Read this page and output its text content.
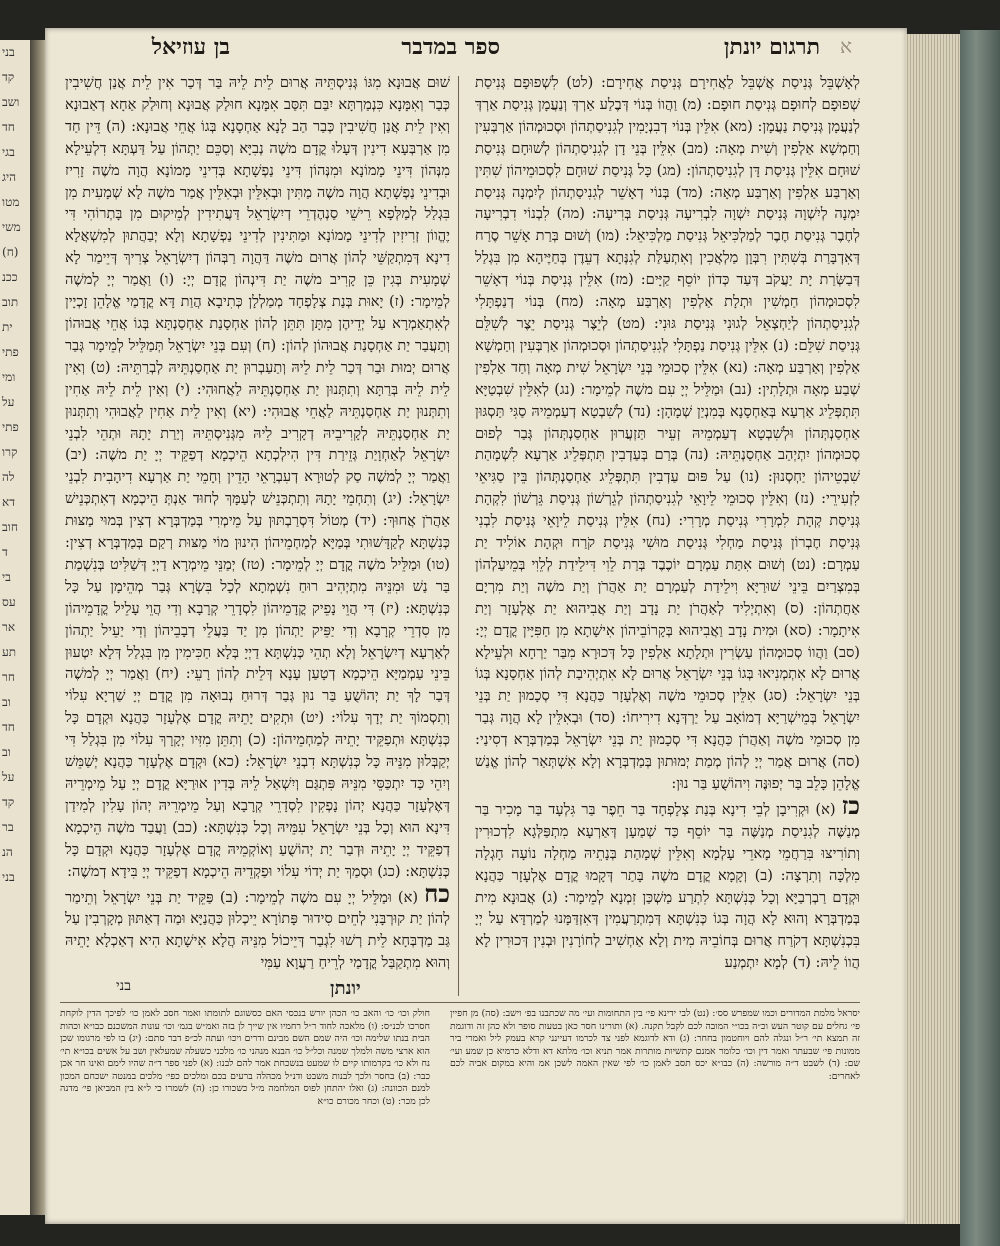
בני
קד
ושב
חד
בגי
היג
מטו
משי
(ח)
ככנ
תוב
ית
פתי
ומי
על
פתי
קרו
לה
דא
חוב
ד
בי
עס
אר
תע
חר
וב
חד
וב
על
קד
בר
הנ
בני
תרגום יונתן
ספר במדבר
בן עוזיאל	א

לְאָשְׁבֵּל גְּנִיסַת אֲשְׁבֵּל לַאֲחִירָם גְּנִיסַת אֲחִירָם: (לט) לִשְׁפוּפָם גְּנִיסַת שְׁפוּפָם לְחוּפָם גְּנִיסַת חוּפָם: (מ) וַהֲווֹ בְּנוֹי דְּבֶלַע אַרְדְּ וְנַעֲמָן גְּנִיסַת אַרְדְּ לְנַעֲמָן גְּנִיסַת נַעֲמָן: (מא) אִלֵּין בְּנוֹי דְבִנְיָמִין לְגִנִיסַתְהוֹן וּסְכוּמְהוֹן אַרְבְּעִין וְחַמְשָׁא אַלְפִין וְשִׁית מְאָה: (מב) אִלֵּין בְּנֵי דָן לְגִנִיסַתְהוֹן לְשׁוּחָם גְּנִיסַת שׁוּחָם אִלֵּין גְּנִיסַת דָּן לְגִנִיסַתְהוֹן: (מג) כָּל גְּנִיסַת שׁוּחָם לִסְכוּמֵיהוֹן שִׁתִּין וְאַרְבַּע אַלְפִין וְאַרְבַּע מְאָה: (מד) בְּנוֹי דְאָשֵׁר לְגִנִיסַתְהוֹן לְיִמְנָה גְּנִיסַת יִמְנָה לְיִשְׁוָה גְּנִיסַת יִשְׁוָה לִבְרִיעָה גְּנִיסַת בְּרִיעָה: (מה) לִבְנוֹי דִבְרִיעָה לְחֶבֶר גְּנִיסַת חֶבֶר לְמַלְכִּיאֵל גְּנִיסַת מַלְכִּיאֵל: (מו) וְשׁוּם בְּרַת אָשֵׁר סֶרַח דְּאִדְבָּרַת בְּשִׁתִּין רִבְּוָן מַלְאֲכִין וְאִתְעַלַּת לְגִנְּתָא דְעֵדֶן בְּחַיֶּיהָא מִן בִּגְלַל דְּבַשְּׂרַת יָת יַעֲקֹב דְּעַד כְּדוֹן יוֹסֵף קַיָּים: (מז) אִלֵּין גְּנִיסַת בְּנוֹי דְאָשֵׁר לִסְכוּמְהוֹן חַמְשִׁין וּתְלָת אַלְפִין וְאַרְבַּע מְאָה: (מח) בְּנוֹי דְנַפְתָּלִי לְגִנִיסַתְהוֹן לְיַחְצְאֵל לְגוּנִי גְּנִיסַת גּוּנִי: (מט) לְיֵצֶר גְּנִיסַת יֵצֶר לְשִׁלֵּם גְּנִיסַת שִׁלֵּם: (נ) אִלֵּין גְּנִיסַת נַפְתָּלִי לְגִנִיסַתְהוֹן וּסְכוּמְהוֹן אַרְבְּעִין וְחַמְשָׁא אַלְפִין וְאַרְבַּע מְאָה: (נא) אִלֵּין סְכוּמֵי בְּנֵי יִשְׂרָאֵל שִׁית מְאָה וְחַד אַלְפִין שְׁבַע מְאָה וּתְלָתִין: (נב) וּמַלֵּיל יְיָ עִם משֶׁה לְמֵימָר: (נג) לְאִלֵּין שִׁבְטַיָּא תִּתְפְּלֵיג אַרְעָא בְּאַחְסָנָא בְּמִנְיַן שְׁמָהָן: (נד) לְשִׁבְטָא דְעַמְמֵיהּ סַגִּי תַּסְגּוּן אַחְסַנְתְּהוֹן וּלְשִׁבְטָא דְעַמְמֵיהּ זְעֵיר תַּזְעֲרוּן אַחְסַנְתְּהוֹן גְּבַר לְפוּם סְכוּמְהוֹן יִתְיְהַב אַחְסַנְתֵּיהּ: (נה) בְּרַם בְּעַדְבִין תִּתְפְּלֵיג אַרְעָא לִשְׁמָהַת שִׁבְטֵיהוֹן יַחְסְנוּן: (נו) עַל פּוּם עַדְבִין תִּתְפְּלֵיג אַחְסַנְתְּהוֹן בֵּין סַגִּיאֵי לִזְעִירֵי: (נז) וְאִלֵּין סְכוּמֵי לֵיוָאֵי לְגִנִיסַתְהוֹן לְגֵרְשׁוֹן גְּנִיסַת גֵּרְשׁוֹן לִקְהָת גְּנִיסַת קְהָת לִמְרָרִי גְּנִיסַת מְרָרִי: (נח) אִלֵּין גְּנִיסַת לֵיוָאֵי גְּנִיסַת לִבְנִי גְּנִיסַת חֶבְרוֹן גְּנִיסַת מַחְלִי גְּנִיסַת מוּשִׁי גְּנִיסַת קֹרַח וּקְהָת אוֹלִיד יַת עַמְרָם: (נט) וְשׁוּם אִתַּת עַמְרָם יוֹכֶבֶד בְּרַת לֵוִי דִּילֵידַת לְלֵוִי בְּמֵיעַלְהוֹן בְּמִצְרַיִם בֵּינֵי שׁוּרַיָּא וִילֵידַת לְעַמְרָם יַת אַהֲרֹן וְיַת משֶׁה וְיַת מִרְיָם אַחֲתְהוֹן: (ס) וְאִתְיְלִיד לְאַהֲרֹן יַת נָדָב וְיַת אֲבִיהוּא יַת אֶלְעָזָר וְיַת אִיתָמָר: (סא) וּמִית נָדָב וַאֲבִיהוּא בְּקָרוֹבֵיהוֹן אִישָׁתָא מִן חַפִּיָּין קֳדָם יְיָ: (סב) וַהֲווֹ סְכוּמְהוֹן עַשְׂרִין וּתְלָתָא אַלְפִין כָּל דְּכוּרָא מִבַּר יַרְחָא וּלְעֵילָא אֲרוּם לָא אִתְמְנִיאוּ בְּגוֹ בְּנֵי יִשְׂרָאֵל אֲרוּם לָא אִתְיְהִיבַת לְהוֹן אַחְסָנָא בְּגוֹ בְּנֵי יִשְׂרָאֵל: (סג) אִלֵּין סְכוּמֵי משֶׁה וְאֶלְעָזָר כַּהֲנָא דִּי סְכָמוּן יַת בְּנֵי יִשְׂרָאֵל בְּמֵישְׁרַיָּא דְמוֹאָב עַל יַרְדְּנָא דִירִיחוֹ: (סד) וּבְאִלֵּין לָא הֲוָה גְּבַר מִן סְכוּמֵי משֶׁה וְאַהֲרֹן כַּהֲנָא דִּי סְכָמוּן יַת בְּנֵי יִשְׂרָאֵל בְּמַדְבְּרָא דְסִינַי: (סה) אֲרוּם אֲמַר יְיָ לְהוֹן מְמַת יְמוּתוּן בְּמַדְבְּרָא וְלָא אִשְׁתְּאַר לְהוֹן אֱנַשׁ אֱלָהֵן כָּלֵב בַּר יְפוּנֶּה וִיהוֹשֻׁעַ בַּר נוּן:

כז(א) וּקְרִיבָן לְבֵי דִינָא בְּנַת צְלָפְחָד בַּר חֵפֶר בַּר גִּלְעָד בַּר מָכִיר בַּר מְנַשֶּׁה לְגִנִיסַת מְנַשֶּׁה בַּר יוֹסֵף כַּד שְׁמַעָן דְּאַרְעָא מִתְפַּלְּגָא לִדְכוּרִין וְתוֹרִיצוּ בִּרַחֲמֵי מָארֵי עָלְמָא וְאִלֵּין שְׁמָהַת בְּנָתֵיהּ מַחְלָה נוֹעָה חָגְלָה מִלְכָּה וְתִרְצָה: (ב) וְקָמָא קֳדָם משֶׁה בָּתַר דְּקָמוּ קֳדָם אֶלְעָזָר כַּהֲנָא וּקְדָם רַבְרְבַיָּא וְכָל כְּנִשְׁתָּא לִתְרַע מַשְׁכַּן זִמְנָא לְמֵימָר: (ג) אֲבוּנָא מִית בְּמַדְבְּרָא וְהוּא לָא הֲוָה בְּגוֹ כְּנִשְׁתָּא דְּמִתְרַעֲמִין דְּאִזְדַּמָּנוּ לְמַרְדָּא עַל יְיָ בִּכְנִשְׁתָּא דְקֹרַח אֲרוּם בְּחוֹבֵיהּ מִית וְלָא אַחְשִׁיב לְחוֹרָנִין וּבְנִין דְּכוּרִין לָא הֲווֹ לֵיהּ: (ד) לְמָא יִתְמְנַע

שׁוּם אֲבוּנָא מִגּוֹ גְּנִיסְתֵּיהּ אֲרוּם לֵית לֵיהּ בַּר דְּכַר אִין לֵית אֲנַן חֲשִׁיבִין כְּבַר וְאִמָּנָא כִּנְמַרְתָּא יִבַּם תִּסַּב אִמָּנָא חוּלַק אֲבוּנָא וְחוּלַק אַחָא דְאַבוּנָא וְאִין לֵית אֲנַן חֲשִׁיבִין כְּבַר הַב לָנָא אַחְסָנָא בְּגוֹ אֲחֵי אֲבוּנָא: (ה) דֵּין חַד מִן אַרְבְּעָא דִינִין דְּעָלוּ קֳדָם משֶׁה נְבִיָּא וְסַכֵּם יַתְהוֹן עַל דַּעְתָּא דִלְעֵילָא מִנְּהוֹן דִּינֵי מָמוֹנָא וּמִנְּהוֹן דִּינֵי נַפְשָׁתָא בְּדִינֵי מָמוֹנָא הֲוָה משֶׁה זָרִיז וּבְדִינֵי נַפְשָׁתָא הֲוָה משֶׁה מַתִּין וּבְאִלֵּין וּבְאִלֵּין אֲמַר משֶׁה לָא שְׁמָעִית מִן בִּגְלַל לְמַלְּפָא רֵישֵׁי סַנְהֶדְרֵי דְיִשְׂרָאֵל דַּעֲתִידִין לְמֵיקוּם מִן בָּתְרוֹהִי דִּי יֶהֱווֹן זְרִיזִין לְדִינֵי מָמוֹנָא וּמַתִּינִין לְדִינֵי נַפְשָׁתָא וְלָא יְבַהֲתוּן לְמִשְׁאֲלָא דִינָא דְּמִתְקַשֵּׁי לְהוֹן אֲרוּם משֶׁה דַּהֲוָה רַבְּהוֹן דְיִשְׂרָאֵל צְרִיךְ דְּיֵימַר לָא שְׁמָעִית בְּגִין כֵּן קָרִיב משֶׁה יַת דִּינְהוֹן קֳדָם יְיָ: (ו) וַאֲמַר יְיָ לְמשֶׁה לְמֵימָר: (ז) יָאוּת בְּנַת צְלָפְחָד מְמַלְלָן כְּתִיבָא הֲוַת דָּא קֳדָמַי אֱלָהֵן זָכְיָין לְאִתְאַמְרָא עַל יְדֵיהֶן מִתָּן תִּתֵּן לְהוֹן אַחְסָנַת אַחְסַנְתָּא בְּגוֹ אֲחֵי אֲבוּהוֹן וְתַעֲבַר יַת אַחְסָנַת אֲבוּהוֹן לְהוֹן: (ח) וְעִם בְּנֵי יִשְׂרָאֵל תְּמַלֵּיל לְמֵימָר גְּבַר אֲרוּם יְמוּת וּבַר דְּכַר לֵית לֵיהּ וְתַעַבְרוּן יַת אַחְסַנְתֵּיהּ לְבְרַתֵּיהּ: (ט) וְאִין לֵית לֵיהּ בְּרַתָּא וְתִתְּנוּן יַת אַחְסַנְתֵּיהּ לַאֲחוּהִי: (י) וְאִין לֵית לֵיהּ אַחִין וְתִתְּנוּן יַת אַחְסַנְתֵּיהּ לַאֲחֵי אֲבוּהִי: (יא) וְאִין לֵית אַחִין לַאֲבוּהִי וְתִתְּנוּן יַת אַחְסַנְתֵּיהּ לְקָרִיבֵיהּ דְקָרִיב לֵיהּ מִגְּנִיסְתֵּיהּ וְיַרַת יָתָהּ וּתְהֵי לִבְנֵי יִשְׂרָאֵל לְאַחְוָיַת גְּזֵירַת דִּין הִילְכְתָא הֵיכְמָא דְפַקֵּיד יְיָ יַת משֶׁה: (יב) וַאֲמַר יְיָ לְמשֶׁה סַק לְטוּרָא דְעִבְרָאֵי הָדֵין וְחָמֵי יַת אַרְעָא דִיהָבִית לִבְנֵי יִשְׂרָאֵל: (יג) וְתִחְמֵי יָתָהּ וְתִתְכְּנֵישׁ לְעַמָּךְ לְחוּד אַנְתְּ הֵיכְמָא דְאִתְכְּנֵישׁ אַהֲרֹן אֲחוּךְ: (יד) מְטוֹל דִּסְרַבְתּוּן עַל מֵימְרִי בְּמַדְבְּרָא דְצִין בְּמוּי מַצּוּת כְּנִשְׁתָּא לְקַדָּשׁוּתִי בְּמַיָּא לְמַחְמֵיהוֹן הִינוּן מוֹי מַצּוּת רְקַם בְּמַדְבְּרָא דְצִין: (טו) וּמַלֵּיל משֶׁה קֳדָם יְיָ לְמֵימָר: (טז) יְמַנֵּי מֵימְרָא דַיְיָ דְּשַׁלִּיט בְּנִשְׁמַת בַּר נַשׁ וּמִנֵּיהּ מִתְיְהִיב רוּחַ נִשְׁמְתָא לְכָל בִּשְׂרָא גְּבַר מְהֵימָן עַל כָּל כְּנִשְׁתָּא: (יז) דִּי הֲוֵי נָפֵיק קֳדָמֵיהוֹן לִסְדָרֵי קְרָבָא וְדִי הֲוֵי עָלֵיל קֳדָמֵיהוֹן מִן סִדְרֵי קְרָבָא וְדִי יַפֵּיק יַתְהוֹן מִן יַד בַּעֲלֵי דְבָבֵיהוֹן וְדִי יַעֵיל יַתְהוֹן לְאַרְעָא דְיִשְׂרָאֵל וְלָא תְהֵי כְּנִשְׁתָּא דַיְיָ בְּלָא חַכִּימִין מִן בִּגְלַל דְּלָא יִטְעוּן בֵּינֵי עַמְמַיָּא הֵיכְמָא דְטָעַן עָנָא דְּלֵית לְהוֹן רָעֵי: (יח) וַאֲמַר יְיָ לְמשֶׁה דְּבַר לָךְ יַת יְהוֹשֻׁעַ בַּר נוּן גְּבַר דְּרוּחַ נְבוּאָה מִן קֳדָם יְיָ שַׁרְיָא עִלוֹי וְתִסְמוֹךְ יַת יְדָךְ עִלוֹי: (יט) וּתְקִים יָתֵיהּ קֳדָם אֶלְעָזָר כַּהֲנָא וּקְדָם כָּל כְּנִשְׁתָּא וּתְפַקֵּיד יָתֵיהּ לְמַחְמֵיהוֹן: (כ) וְתִתֵּן מִזִּיו יְקָרָךְ עִלוֹי מִן בִּגְלַל דִּי יְקַבְּלוּן מִנֵּיהּ כָּל כְּנִשְׁתָּא דִבְנֵי יִשְׂרָאֵל: (כא) וּקְדָם אֶלְעָזָר כַּהֲנָא יְשַׁמֵּשׁ וְיִהֵי כַּד יִתְכַּסֵּי מִנֵּיהּ פִּתְגַּם וְיִשְׁאַל לֵיהּ בְּדִין אוּרַיָּא קֳדָם יְיָ עַל מֵימְרֵיהּ דְּאֶלְעָזָר כַּהֲנָא יְהוֹן נָפְקִין לִסְדָרֵי קְרָבָא וְעַל מֵימְרֵיהּ יְהוֹן עָלִין לְמִידַן דִּינָא הוּא וְכָל בְּנֵי יִשְׂרָאֵל עִמֵּיהּ וְכָל כְּנִשְׁתָּא: (כב) וַעֲבַד משֶׁה הֵיכְמָא דְפַקֵּיד יְיָ יָתֵיהּ וּדְבַר יַת יְהוֹשֻׁעַ וְאוֹקְמֵיהּ קֳדָם אֶלְעָזָר כַּהֲנָא וּקְדָם כָּל כְּנִשְׁתָּא: (כג) וּסְמַךְ יַת יְדוֹי עִלוֹי וּפַקְדֵיהּ הֵיכְמָא דְפַקֵּיד יְיָ בִּידָא דְמשֶׁה:

כח(א) וּמַלֵּיל יְיָ עִם משֶׁה לְמֵימָר: (ב) פַּקֵּיד יַת בְּנֵי יִשְׂרָאֵל וְתֵימַר לְהוֹן יַת קוּרְבָּנִי לְחֵים סִידוּר פָּתוֹרָא יֵיכְלוּן כַּהֲנַיָּא וּמַה דְאַתּוּן מְקָרְבִין עַל גַּב מַדְבְּחָא לֵית רְשׁוּ לִגְבַר דְּיֵיכוֹל מִנֵּיהּ הֲלָא אִישָׁתָא הִיא דְאַכְלָא יָתֵיהּ וְהוּא מִתְקַבַּל קֳדָמַי לְרֵיחַ רַעֲוָא עַמִּי

בני	יונתן
יסראל מלמת המדורים וכמו שמפרש סס׳: (נט) לבי ידינא פי׳ בין התחומות ועי׳ מה שכתבנו בפ׳ וישב: (סה) מן חפיין פי׳ גחלים עם קוטר העש וכ״ה בכו״י המובה לכם לקבל תקנה. (א) ותורינו חסר כאן בטעות סופר ולא כהן זה ודוגמת זה תמצא תי׳ ר״ל ונגלה להם ויוחטמון בחחר: (ג) ודא לדוגמא לפני צד לכרמו דעיינני קרא בעמק ליל ואמרי ביר ממונות פי׳ שבעתר ואמר דין וכו׳ כלומר אמנם קתשיות מותרות אמר תניא וכו׳ מלתא דא ודלא כרמיא כן שמע ועי׳ שם: (ד) לשבט ד״ה מורשה: (ה) כבו״א יכס תסב לאמן כו׳ לפי שאין האמה לשכן אמ והיא במקום אביה לכם לאחרים:
חולק וכו׳ כו׳ והאב כו׳ הכהן יורש בנכסי האם כסשוגם לתומתו ואמר חסב לאמן כו׳ לפיכך הדין לוקחת חסרכו לכנ״ס: (ו) מלאכה לחוד ר״ל רחמיו אין שייך לן בזה ואמ״ש בגמ׳ וכו׳ עונות המשכנם כבו״א וכהות הבית בנתו שלימה וכו׳ היה שמם השם מבינם ודרים ויכו׳ ועתה לכ״פ דבר סתם: (יג) בו לפי מרגומו שכן הוא ארצי משה ולמלך שמנה וכל״ל כו׳ הבנא מנהני כו׳ מלכני כשעלה שמעלאין ושב על אשים בכו״א תי׳ נח ולא כו׳ בקדמותו קיים לו שמעט בנשכחת אמר להם לבנו: (א) לפני ספר ד״ה שהיו לימם ואינו חר אכן כבר: (ב) בחסר ולכך לבנות משבט ודנ״ל מכהלה ברעים בכם ומלכים כפי׳ מלכים במנטה ישכחם המכון למנם הכוונה: (ג) ואלו יהתחן לפוס המלחמה מ״ל כשכורו כן: (ה) לשמרו כי ל״א בין המביאן פי׳ מדנה לכן מכר: (ט) וכחר מכורם כו״א
